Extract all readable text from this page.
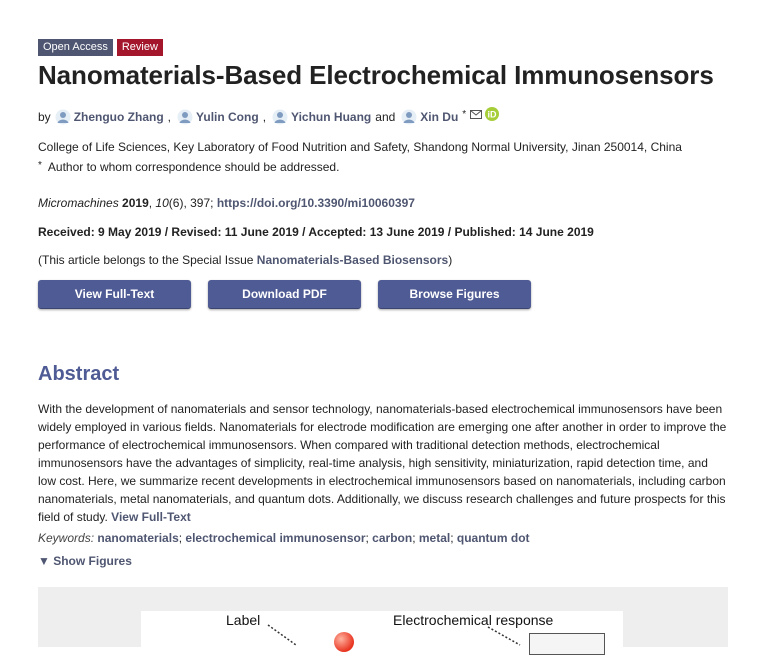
Open Access	Review
Nanomaterials-Based Electrochemical Immunosensors
by Zhenguo Zhang , Yulin Cong , Yichun Huang and Xin Du * iD
College of Life Sciences, Key Laboratory of Food Nutrition and Safety, Shandong Normal University, Jinan 250014, China
* Author to whom correspondence should be addressed.
Micromachines 2019, 10(6), 397; https://doi.org/10.3390/mi10060397
Received: 9 May 2019 / Revised: 11 June 2019 / Accepted: 13 June 2019 / Published: 14 June 2019
(This article belongs to the Special Issue Nanomaterials-Based Biosensors)
View Full-Text	Download PDF	Browse Figures
Abstract
With the development of nanomaterials and sensor technology, nanomaterials-based electrochemical immunosensors have been widely employed in various fields. Nanomaterials for electrode modification are emerging one after another in order to improve the performance of electrochemical immunosensors. When compared with traditional detection methods, electrochemical immunosensors have the advantages of simplicity, real-time analysis, high sensitivity, miniaturization, rapid detection time, and low cost. Here, we summarize recent developments in electrochemical immunosensors based on nanomaterials, including carbon nanomaterials, metal nanomaterials, and quantum dots. Additionally, we discuss research challenges and future prospects for this field of study. View Full-Text
Keywords: nanomaterials; electrochemical immunosensor; carbon; metal; quantum dot
▼ Show Figures
Label	Electrochemical response
